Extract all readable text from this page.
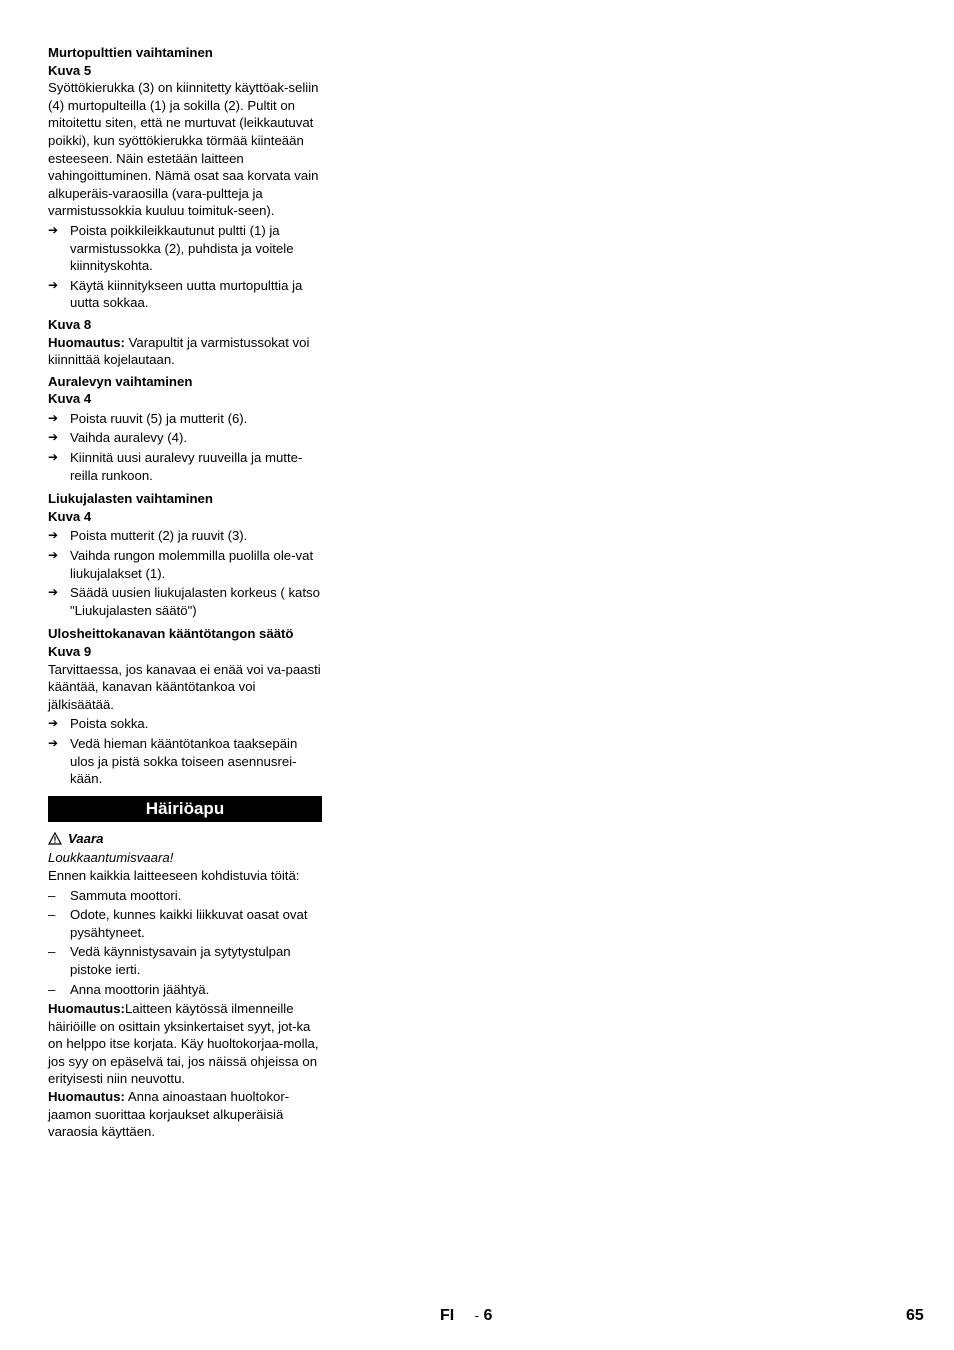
Murtopulttien vaihtaminen
Kuva 5

Syöttökierukka (3) on kiinnitetty käyttöak-seliin (4) murtopulteilla (1) ja sokilla (2). Pultit on mitoitettu siten, että ne murtuvat (leikkautuvat poikki), kun syöttökierukka törmää kiinteään esteeseen. Näin estetään laitteen vahingoittuminen. Nämä osat saa korvata vain alkuperäis-varaosilla (vara-pultteja ja varmistussokkia kuuluu toimituk-seen).

➔ Poista poikkileikkautunut pultti (1) ja varmistussokka (2), puhdista ja voitele kiinnityskohta.
➔ Käytä kiinnitykseen uutta murtopulttia ja uutta sokkaa.
Kuva 8

Huomautus: Varapultit ja varmistussokat voi kiinnittää kojelautaan.

Auralevyn vaihtaminen
Kuva 4
➔ Poista ruuvit (5) ja mutterit (6).
➔ Vaihda auralevy (4).
➔ Kiinnitä uusi auralevy ruuveilla ja mutte-reilla runkoon.
Liukujalasten vaihtaminen
Kuva 4
➔ Poista mutterit (2) ja ruuvit (3).
➔ Vaihda rungon molemmilla puolilla ole-vat liukujalakset (1).
➔ Säädä uusien liukujalasten korkeus ( katso "Liukujalasten säätö")
Ulosheittokanavan kääntötangon säätö
Kuva 9

Tarvittaessa, jos kanavaa ei enää voi va-paasti kääntää, kanavan kääntötankoa voi jälkisäätää.

➔ Poista sokka.
➔ Vedä hieman kääntötankoa taaksepäin ulos ja pistä sokka toiseen asennusrei-kään.
Häiriöapu
Vaara

Loukkaantumisvaara!

Ennen kaikkia laitteeseen kohdistuvia töitä:

–	Sammuta moottori.
–	Odote, kunnes kaikki liikkuvat oasat ovat pysähtyneet.
–	Vedä käynnistysavain ja sytytystulpan pistoke ierti.
–	Anna moottorin jäähtyä.

Huomautus:Laitteen käytössä ilmenneille häiriöille on osittain yksinkertaiset syyt, jot-ka on helppo itse korjata. Käy huoltokorjaa-molla, jos syy on epäselvä tai, jos näissä ohjeissa on erityisesti niin neuvottu.

Huomautus: Anna ainoastaan huoltokor-jaamon suorittaa korjaukset alkuperäisiä varaosia käyttäen.

FI - 6	65
